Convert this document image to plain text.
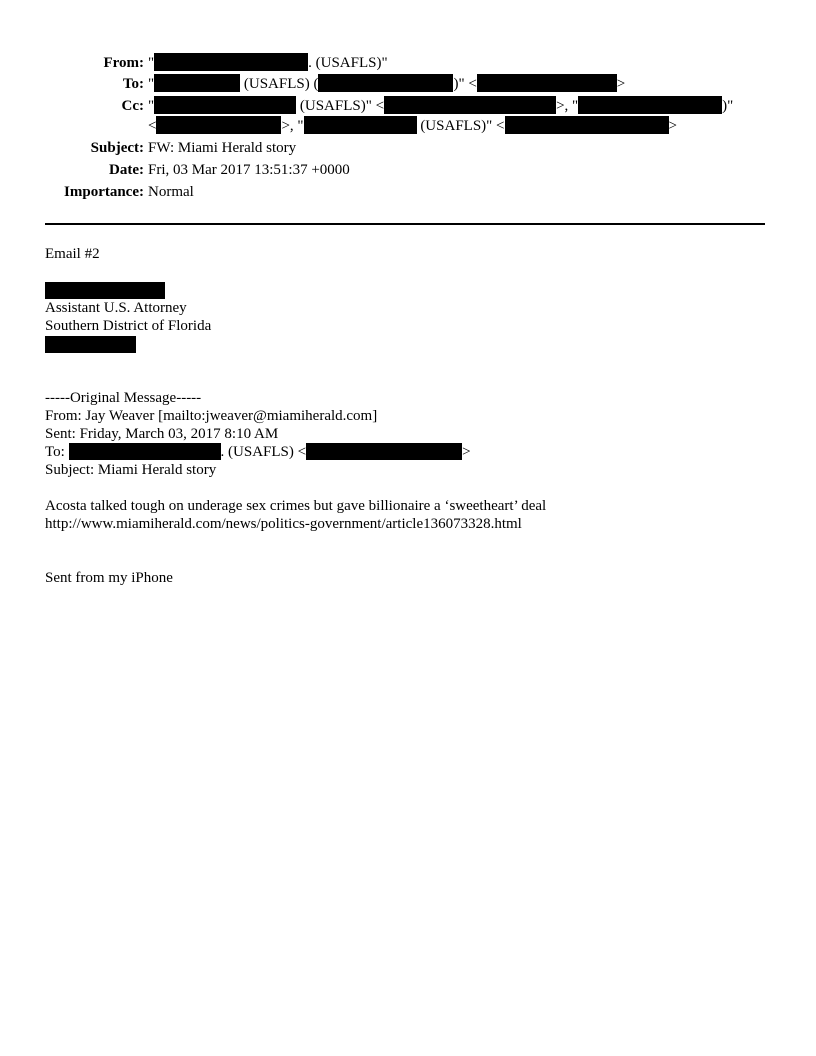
From: "	. (USAFLS)"
To: "	(USAFLS) (	)" <	>
Cc: "	(USAFLS)" <	>, "	)"
<	>, "	(USAFLS)" <	>
Subject: FW: Miami Herald story
Date: Fri, 03 Mar 2017 13:51:37 +0000
Importance: Normal
Email #2
Assistant U.S. Attorney
Southern District of Florida
-----Original Message-----
From: Jay Weaver [mailto:jweaver@miamiherald.com]
Sent: Friday, March 03, 2017 8:10 AM
To:	. (USAFLS) <	>
Subject: Miami Herald story
Acosta talked tough on underage sex crimes but gave billionaire a ‘sweetheart’ deal
http://www.miamiherald.com/news/politics-government/article136073328.html
Sent from my iPhone
